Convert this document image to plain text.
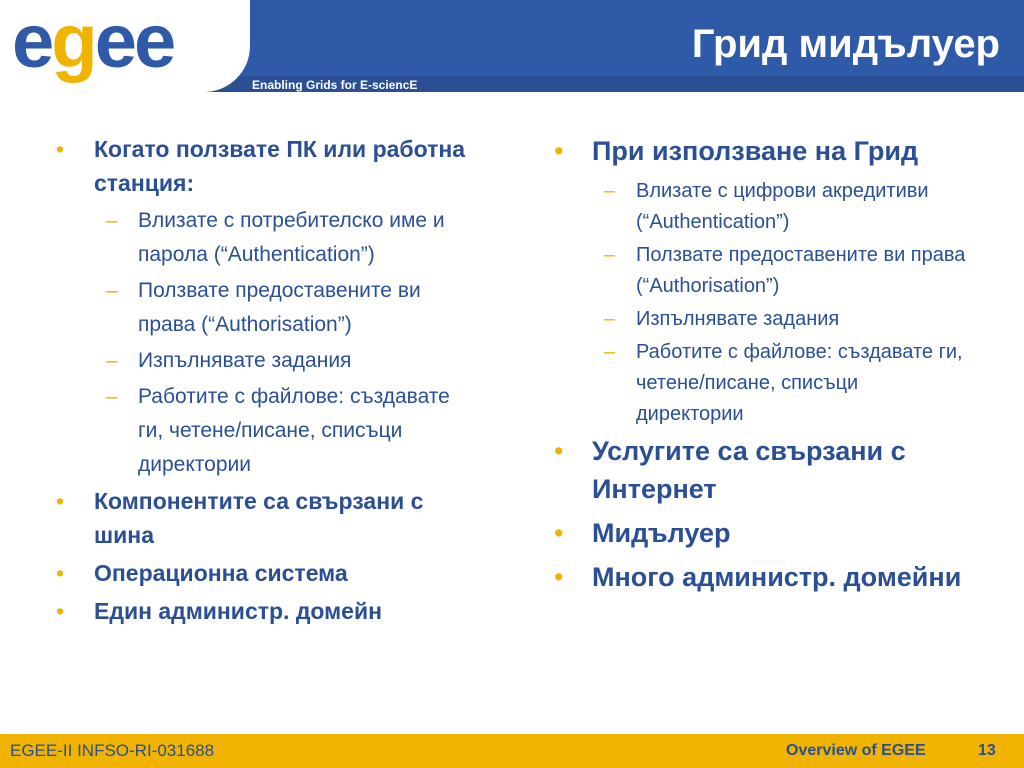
egee
Enabling Grids for E-sciencE
Грид мидълуер
• Когато ползвате ПК или работна станция:
– Влизате с потребителско име и парола (“Authentication”)
– Ползвате предоставените ви права (“Authorisation”)
– Изпълнявате задания
– Работите с файлове: създавате ги, четене/писане, списъци директории
• Компонентите са свързани с шина
• Операционна система
• Един администр. домейн
• При използване на Грид
– Влизате с цифрови акредитиви (“Authentication”)
– Ползвате предоставените ви права (“Authorisation”)
– Изпълнявате задания
– Работите с файлове: създавате ги, четене/писане, списъци директории
• Услугите са свързани с Интернет
• Мидълуер
• Много администр. домейни
EGEE-II INFSO-RI-031688	Overview of EGEE	13
